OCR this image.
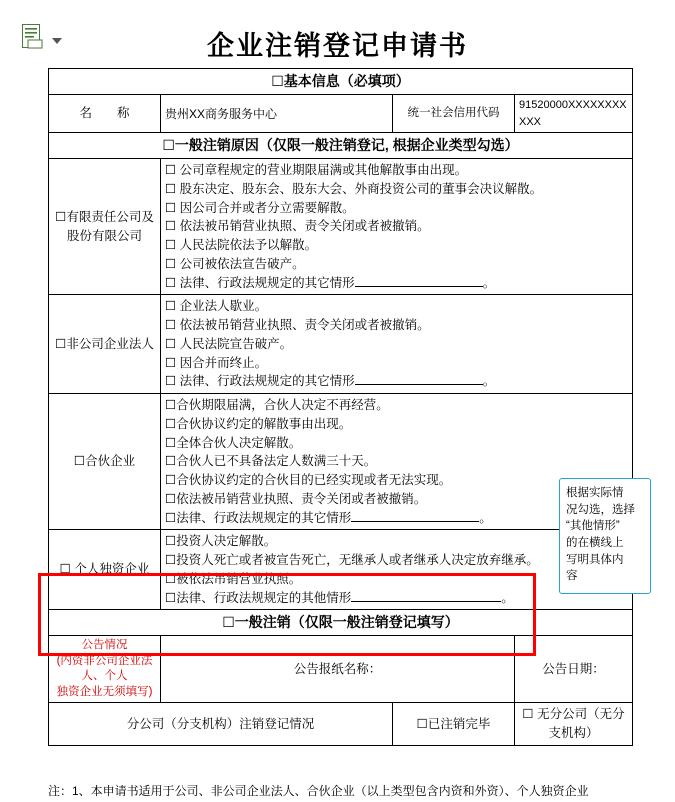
企业注销登记申请书
☐基本信息（必填项）			
名　　称	贵州XX商务服务中心	统一社会信用代码	91520000XXXXXXXXXXX
☐一般注销原因（仅限一般注销登记, 根据企业类型勾选）			
☐有限责任公司及股份有限公司	
☐ 公司章程规定的营业期限届满或其他解散事由出现。
☐ 股东决定、股东会、股东大会、外商投资公司的董事会决议解散。
☐ 因公司合并或者分立需要解散。
☐ 依法被吊销营业执照、责令关闭或者被撤销。
☐ 人民法院依法予以解散。
☐ 公司被依法宣告破产。
☐ 法律、行政法规规定的其它情形	。

☐非公司企业法人	☐ 企业法人歇业。
☐ 依法被吊销营业执照、责令关闭或者被撤销。
☐ 人民法院宣告破产。
☐ 因合并而终止。
☐ 法律、行政法规规定的其它情形 。		

☐合伙企业	
☐合伙期限届满，合伙人决定不再经营。
☐合伙协议约定的解散事由出现。
☐全体合伙人决定解散。
☐合伙人已不具备法定人数满三十天。
☐合伙协议约定的合伙目的已经实现或者无法实现。
☐依法被吊销营业执照、责令关闭或者被撤销。
☐法律、行政法规规定的其它情形	。

☐ 个人独资企业	☐投资人决定解散。
☐投资人死亡或者被宣告死亡，无继承人或者继承人决定放弃继承。
☐被依法吊销营业执照。
☐法律、行政法规规定的其他情形 。		

☐一般注销（仅限一般注销登记填写）			

公告情况
(内资非公司企业法人、个人
独资企业无须填写)	公告报纸名称：		公告日期：
分公司（分支机构）注销登记情况		☐已注销完毕	☐ 无分公司（无分支机构）
根据实际情
况勾选，选择
“其他情形”
的在横线上
写明具体内
容
注：1、本申请书适用于公司、非公司企业法人、合伙企业（以上类型包含内资和外资）、个人独资企业
